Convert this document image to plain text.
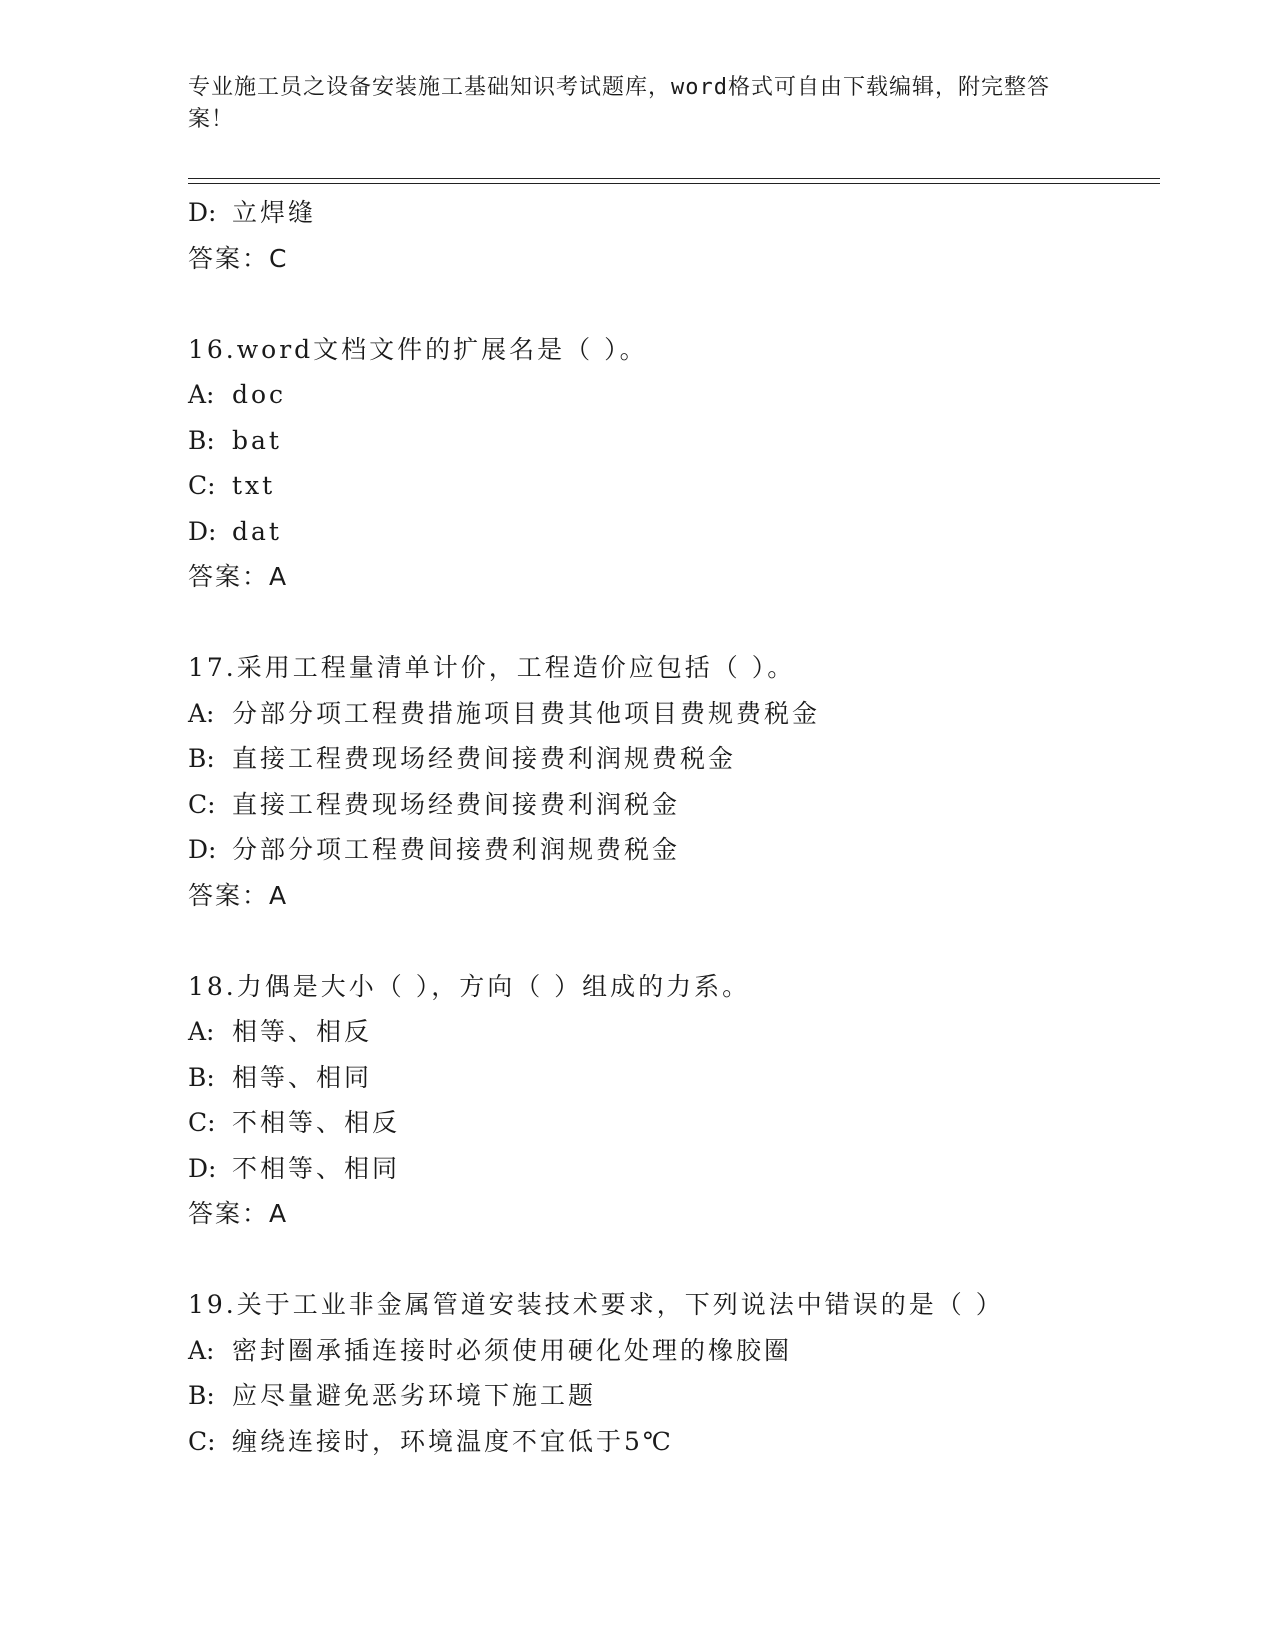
专业施工员之设备安装施工基础知识考试题库，word格式可自由下载编辑，附完整答案！
D: 立焊缝
答案：C
16.word文档文件的扩展名是（ ）。
A: doc
B: bat
C: txt
D: dat
答案：A
17.采用工程量清单计价，工程造价应包括（ ）。
A: 分部分项工程费措施项目费其他项目费规费税金
B: 直接工程费现场经费间接费利润规费税金
C: 直接工程费现场经费间接费利润税金
D: 分部分项工程费间接费利润规费税金
答案：A
18.力偶是大小（ ），方向（ ）组成的力系。
A: 相等、相反
B: 相等、相同
C: 不相等、相反
D: 不相等、相同
答案：A
19.关于工业非金属管道安装技术要求，下列说法中错误的是（ ）
A: 密封圈承插连接时必须使用硬化处理的橡胶圈
B: 应尽量避免恶劣环境下施工题
C: 缠绕连接时，环境温度不宜低于5℃
